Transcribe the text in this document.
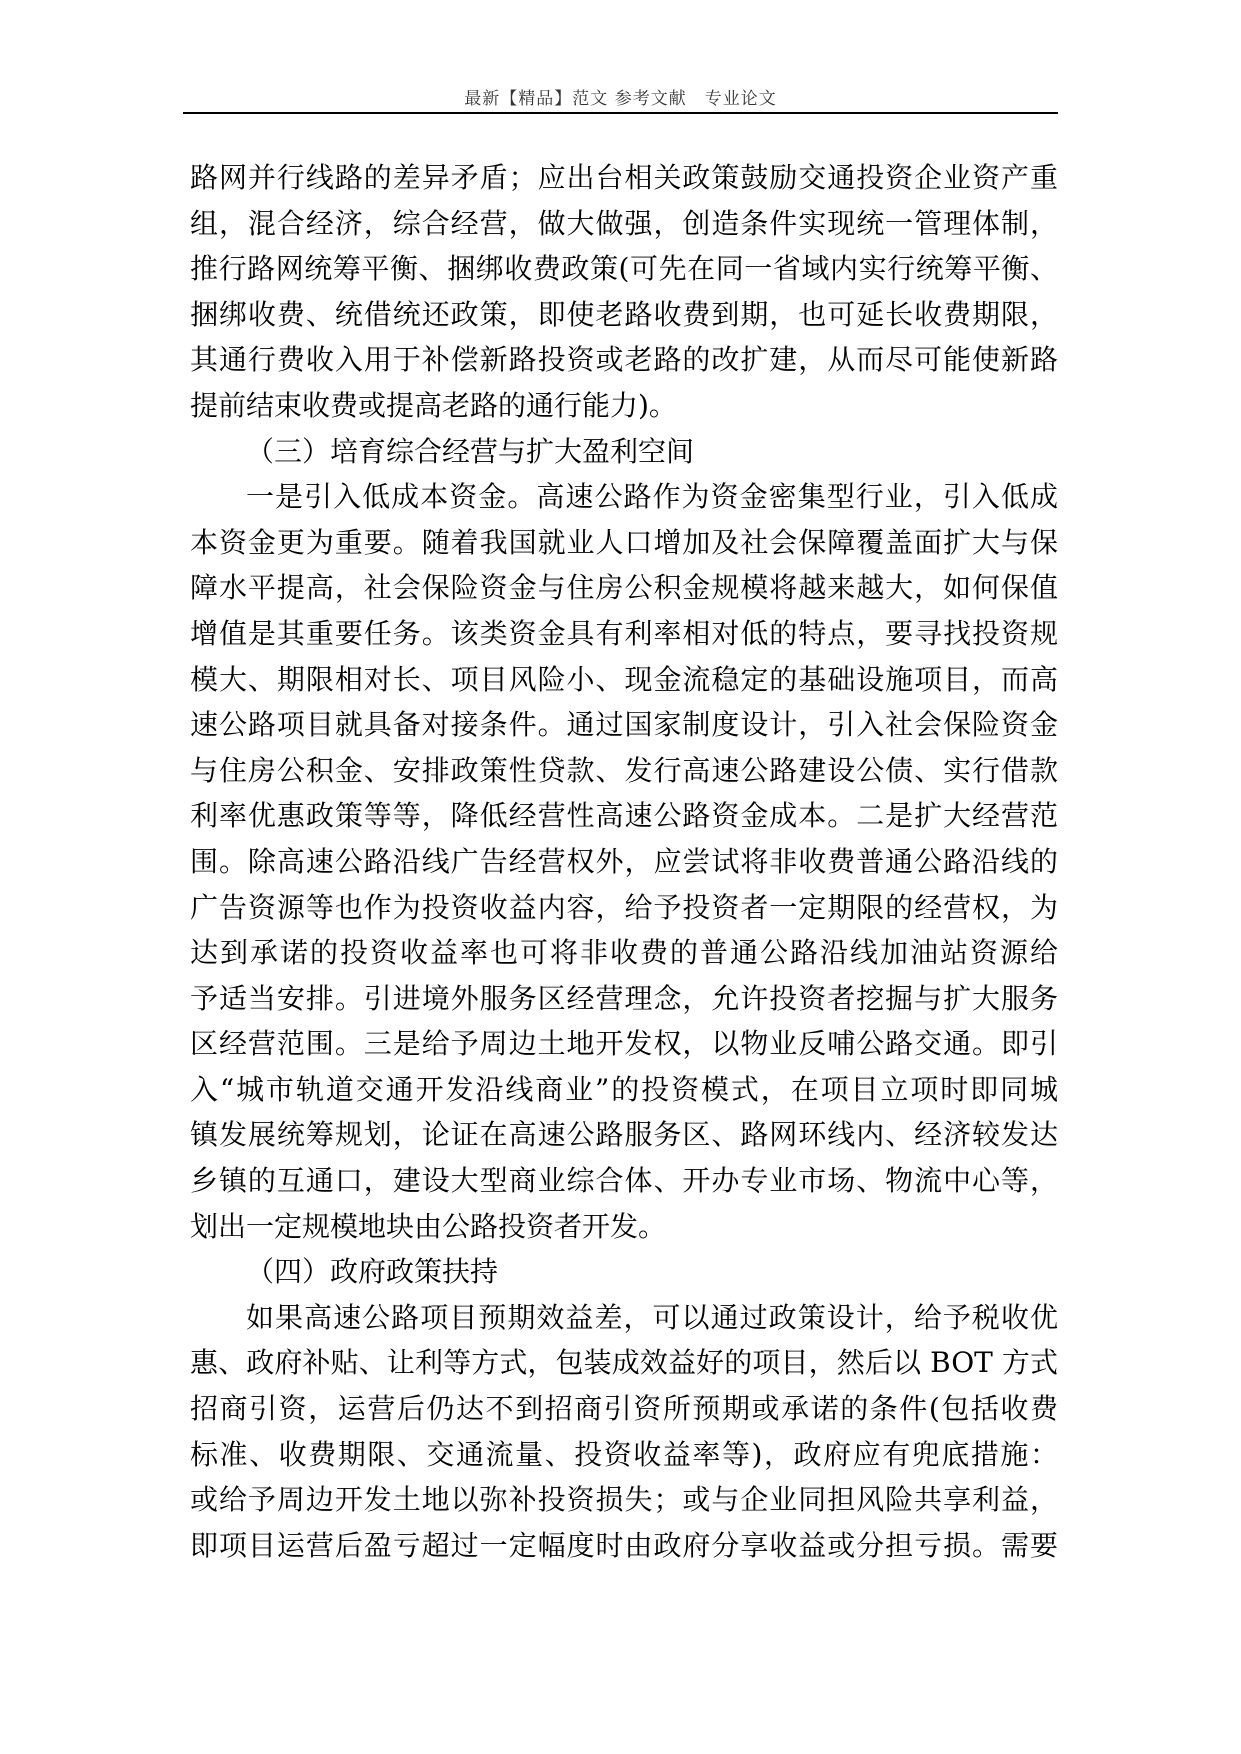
最新【精品】范文 参考文献　专业论文
路网并行线路的差异矛盾；应出台相关政策鼓励交通投资企业资产重
组，混合经济，综合经营，做大做强，创造条件实现统一管理体制，
推行路网统筹平衡、捆绑收费政策(可先在同一省域内实行统筹平衡、
捆绑收费、统借统还政策，即使老路收费到期，也可延长收费期限，
其通行费收入用于补偿新路投资或老路的改扩建，从而尽可能使新路
提前结束收费或提高老路的通行能力)。
（三）培育综合经营与扩大盈利空间
一是引入低成本资金。高速公路作为资金密集型行业，引入低成
本资金更为重要。随着我国就业人口增加及社会保障覆盖面扩大与保
障水平提高，社会保险资金与住房公积金规模将越来越大，如何保值
增值是其重要任务。该类资金具有利率相对低的特点，要寻找投资规
模大、期限相对长、项目风险小、现金流稳定的基础设施项目，而高
速公路项目就具备对接条件。通过国家制度设计，引入社会保险资金
与住房公积金、安排政策性贷款、发行高速公路建设公债、实行借款
利率优惠政策等等，降低经营性高速公路资金成本。二是扩大经营范
围。除高速公路沿线广告经营权外，应尝试将非收费普通公路沿线的
广告资源等也作为投资收益内容，给予投资者一定期限的经营权，为
达到承诺的投资收益率也可将非收费的普通公路沿线加油站资源给
予适当安排。引进境外服务区经营理念，允许投资者挖掘与扩大服务
区经营范围。三是给予周边土地开发权，以物业反哺公路交通。即引
入“城市轨道交通开发沿线商业”的投资模式，在项目立项时即同城
镇发展统筹规划，论证在高速公路服务区、路网环线内、经济较发达
乡镇的互通口，建设大型商业综合体、开办专业市场、物流中心等，
划出一定规模地块由公路投资者开发。
（四）政府政策扶持
如果高速公路项目预期效益差，可以通过政策设计，给予税收优
惠、政府补贴、让利等方式，包装成效益好的项目，然后以 BOT 方式
招商引资，运营后仍达不到招商引资所预期或承诺的条件(包括收费
标准、收费期限、交通流量、投资收益率等)，政府应有兜底措施：
或给予周边开发土地以弥补投资损失；或与企业同担风险共享利益，
即项目运营后盈亏超过一定幅度时由政府分享收益或分担亏损。需要
